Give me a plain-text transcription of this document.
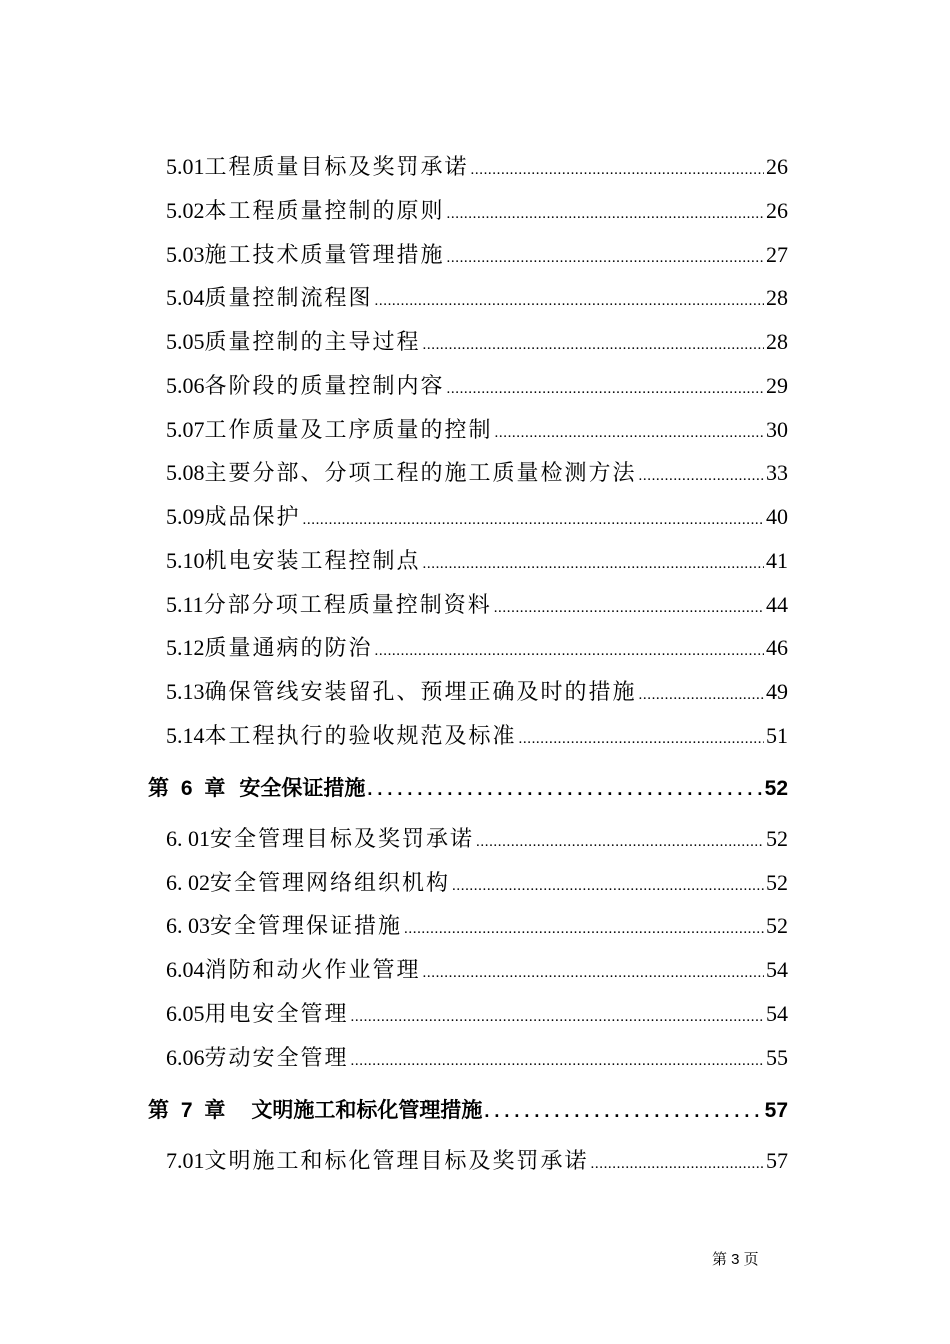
5.01 工程质量目标及奖罚承诺 .....	26
5.02 本工程质量控制的原则 .....	26
5.03 施工技术质量管理措施 .....	27
5.04 质量控制流程图 .....	28
5.05 质量控制的主导过程 .....	28
5.06 各阶段的质量控制内容 .....	29
5.07 工作质量及工序质量的控制 .....	30
5.08 主要分部、分项工程的施工质量检测方法 .....	33
5.09 成品保护 .....	40
5.10 机电安装工程控制点 .....	41
5.11 分部分项工程质量控制资料 .....	44
5.12 质量通病的防治 .....	46
5.13 确保管线安装留孔、预埋正确及时的措施 .....	49
5.14 本工程执行的验收规范及标准 .....	51
第 6 章 安全保证措施 .....	52
6. 01 安全管理目标及奖罚承诺 .....	52
6. 02 安全管理网络组织机构 .....	52
6. 03 安全管理保证措施 .....	52
6.04 消防和动火作业管理 .....	54
6.05 用电安全管理 .....	54
6.06 劳动安全管理 .....	55
第 7 章 文明施工和标化管理措施 .....	57
7.01 文明施工和标化管理目标及奖罚承诺 .....	57
第 3 页
